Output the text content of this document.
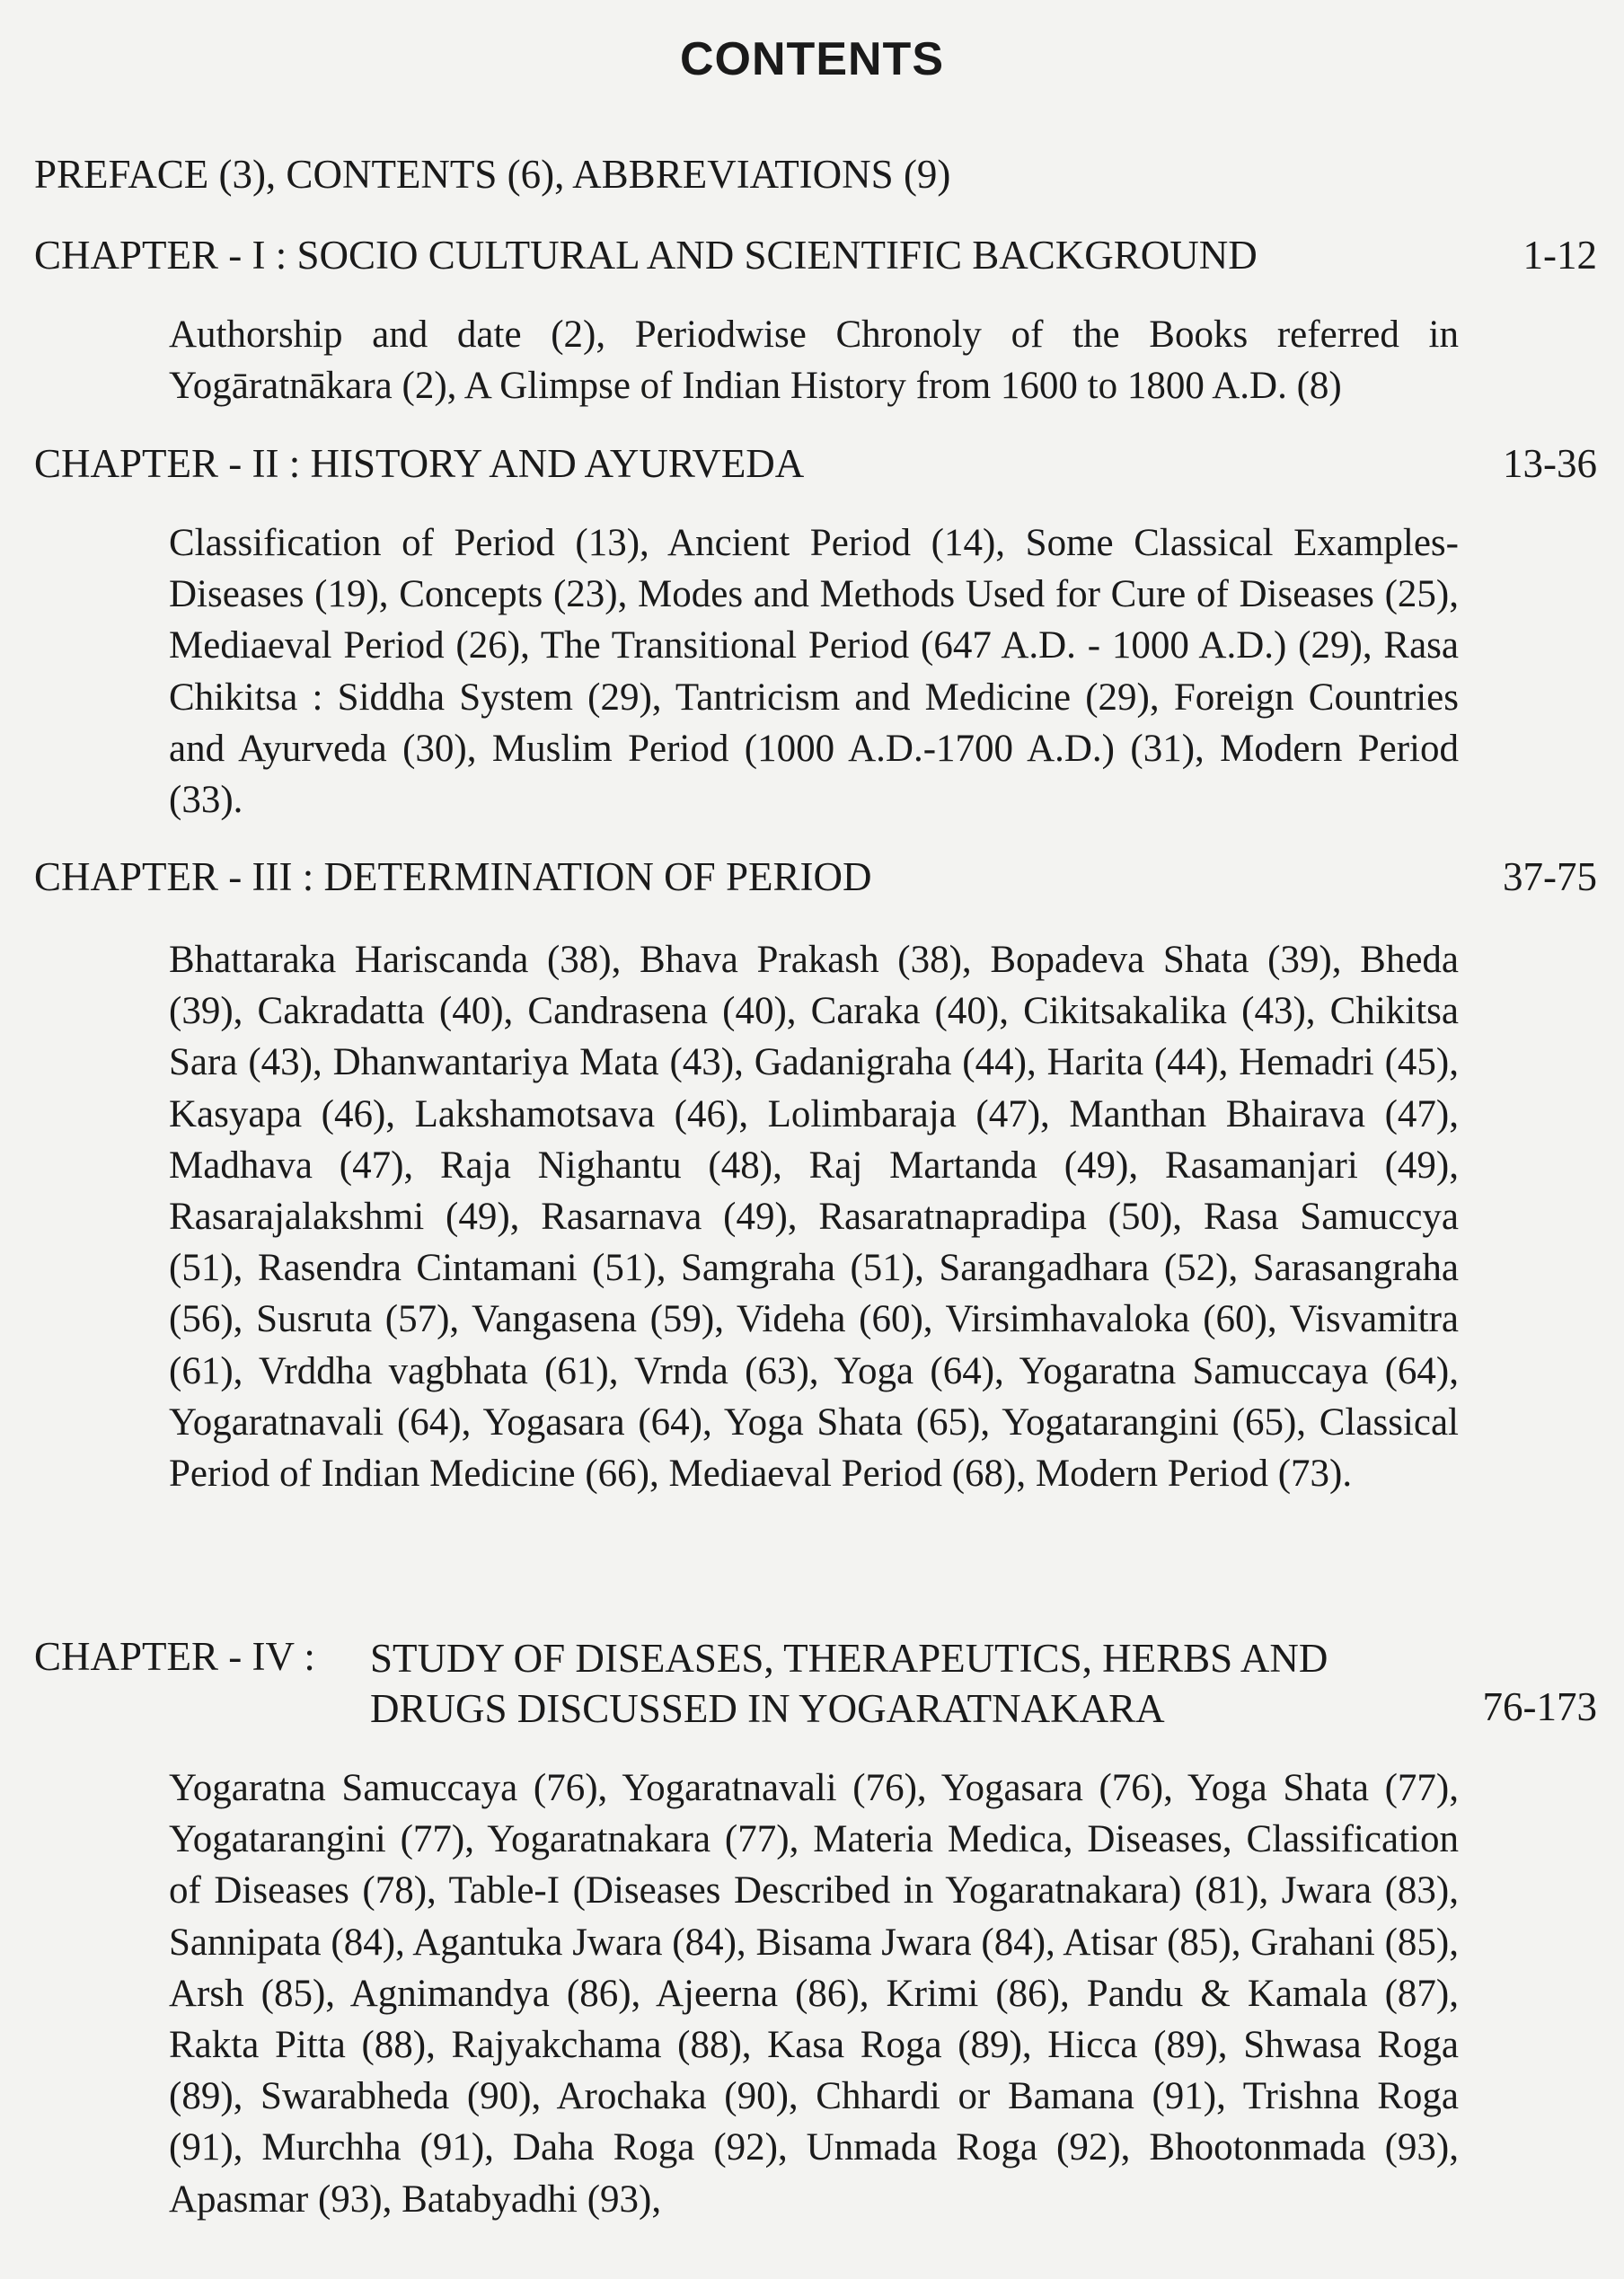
CONTENTS
PREFACE (3), CONTENTS (6), ABBREVIATIONS (9)
CHAPTER - I : SOCIO CULTURAL AND SCIENTIFIC BACKGROUND	1-12
Authorship and date (2), Periodwise Chronoly of the Books referred in Yogāratnākara (2), A Glimpse of Indian History from 1600 to 1800 A.D. (8)
CHAPTER - II : HISTORY AND AYURVEDA	13-36
Classification of Period (13), Ancient Period (14), Some Classical Examples-Diseases (19), Concepts (23), Modes and Methods Used for Cure of Diseases (25), Mediaeval Period (26), The Transitional Period (647 A.D. - 1000 A.D.) (29), Rasa Chikitsa : Siddha System (29), Tantricism and Medicine (29), Foreign Countries and Ayurveda (30), Muslim Period (1000 A.D.-1700 A.D.) (31), Modern Period (33).
CHAPTER - III : DETERMINATION OF PERIOD	37-75
Bhattaraka Hariscanda (38), Bhava Prakash (38), Bopadeva Shata (39), Bheda (39), Cakradatta (40), Candrasena (40), Caraka (40), Cikitsakalika (43), Chikitsa Sara (43), Dhanwantariya Mata (43), Gadanigraha (44), Harita (44), Hemadri (45), Kasyapa (46), Lakshamotsava (46), Lolimbaraja (47), Manthan Bhairava (47), Madhava (47), Raja Nighantu (48), Raj Martanda (49), Rasamanjari (49), Rasarajalakshmi (49), Rasarnava (49), Rasaratnapradipa (50), Rasa Samuccya (51), Rasendra Cintamani (51), Samgraha (51), Sarangadhara (52), Sarasangraha (56), Susruta (57), Vangasena (59), Videha (60), Virsimhavaloka (60), Visvamitra (61), Vrddha vagbhata (61), Vrnda (63), Yoga (64), Yogaratna Samuccaya (64), Yogaratnavali (64), Yogasara (64), Yoga Shata (65), Yogatarangini (65), Classical Period of Indian Medicine (66), Mediaeval Period (68), Modern Period (73).
CHAPTER - IV : STUDY OF DISEASES, THERAPEUTICS, HERBS AND
DRUGS DISCUSSED IN YOGARATNAKARA	76-173
Yogaratna Samuccaya (76), Yogaratnavali (76), Yogasara (76), Yoga Shata (77), Yogatarangini (77), Yogaratnakara (77), Materia Medica, Diseases, Classification of Diseases (78), Table-I (Diseases Described in Yogaratnakara) (81), Jwara (83), Sannipata (84), Agantuka Jwara (84), Bisama Jwara (84), Atisar (85), Grahani (85), Arsh (85), Agnimandya (86), Ajeerna (86), Krimi (86), Pandu & Kamala (87), Rakta Pitta (88), Rajyakchama (88), Kasa Roga (89), Hicca (89), Shwasa Roga (89), Swarabheda (90), Arochaka (90), Chhardi or Bamana (91), Trishna Roga (91), Murchha (91), Daha Roga (92), Unmada Roga (92), Bhootonmada (93), Apasmar (93), Batabyadhi (93),
